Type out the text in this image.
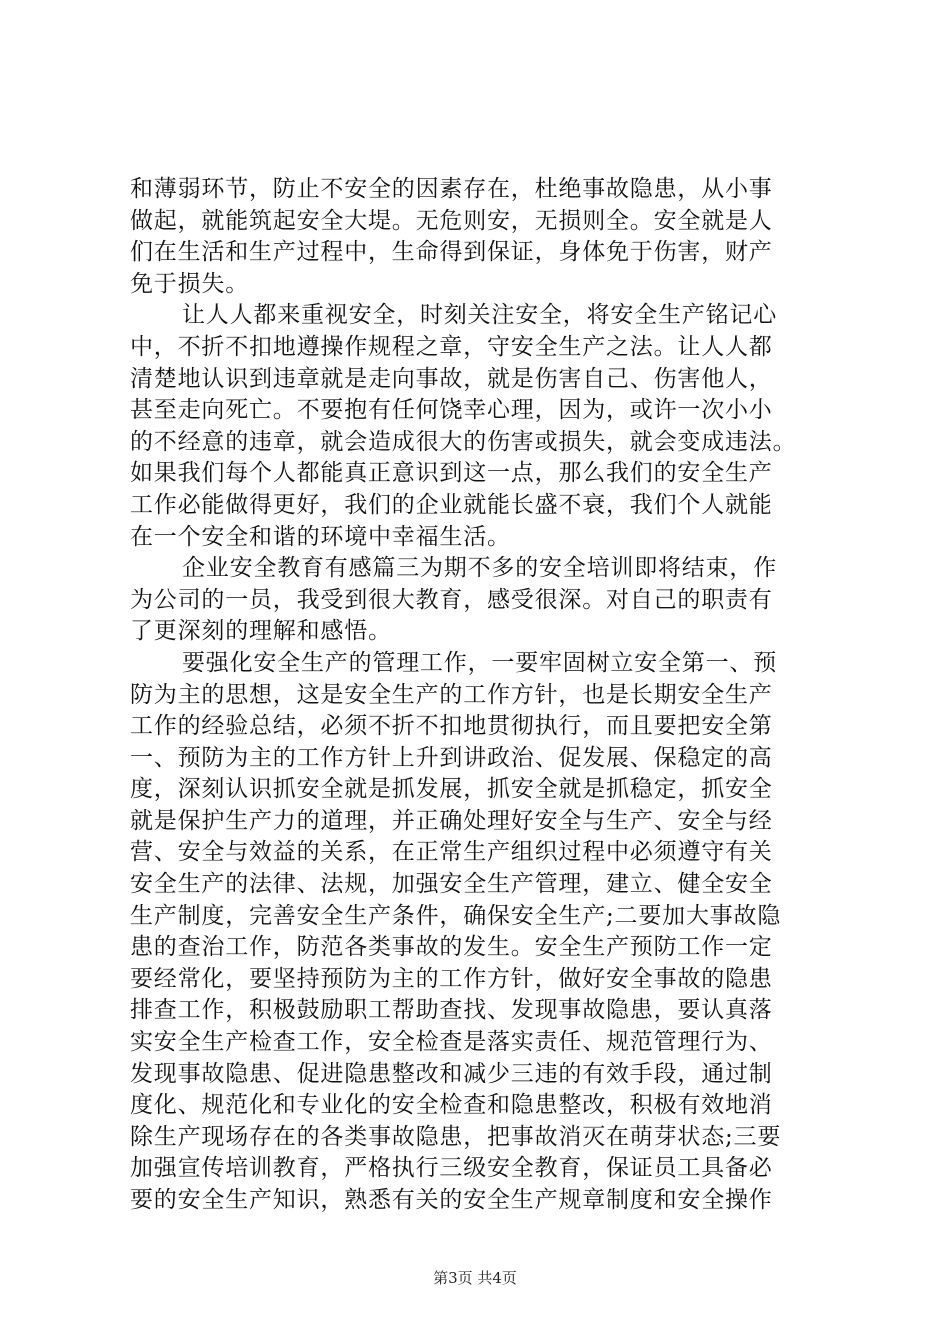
和薄弱环节，防止不安全的因素存在，杜绝事故隐患，从小事
做起，就能筑起安全大堤。无危则安，无损则全。安全就是人
们在生活和生产过程中，生命得到保证，身体免于伤害，财产
免于损失。
让人人都来重视安全，时刻关注安全，将安全生产铭记心
中，不折不扣地遵操作规程之章，守安全生产之法。让人人都
清楚地认识到违章就是走向事故，就是伤害自己、伤害他人，
甚至走向死亡。不要抱有任何饶幸心理，因为，或许一次小小
的不经意的违章，就会造成很大的伤害或损失，就会变成违法。
如果我们每个人都能真正意识到这一点，那么我们的安全生产
工作必能做得更好，我们的企业就能长盛不衰，我们个人就能
在一个安全和谐的环境中幸福生活。
企业安全教育有感篇三为期不多的安全培训即将结束，作
为公司的一员，我受到很大教育，感受很深。对自己的职责有
了更深刻的理解和感悟。
要强化安全生产的管理工作，一要牢固树立安全第一、预
防为主的思想，这是安全生产的工作方针，也是长期安全生产
工作的经验总结，必须不折不扣地贯彻执行，而且要把安全第
一、预防为主的工作方针上升到讲政治、促发展、保稳定的高
度，深刻认识抓安全就是抓发展，抓安全就是抓稳定，抓安全
就是保护生产力的道理，并正确处理好安全与生产、安全与经
营、安全与效益的关系，在正常生产组织过程中必须遵守有关
安全生产的法律、法规，加强安全生产管理，建立、健全安全
生产制度，完善安全生产条件，确保安全生产;二要加大事故隐
患的查治工作，防范各类事故的发生。安全生产预防工作一定
要经常化，要坚持预防为主的工作方针，做好安全事故的隐患
排查工作，积极鼓励职工帮助查找、发现事故隐患，要认真落
实安全生产检查工作，安全检查是落实责任、规范管理行为、
发现事故隐患、促进隐患整改和减少三违的有效手段，通过制
度化、规范化和专业化的安全检查和隐患整改，积极有效地消
除生产现场存在的各类事故隐患，把事故消灭在萌芽状态;三要
加强宣传培训教育，严格执行三级安全教育，保证员工具备必
要的安全生产知识，熟悉有关的安全生产规章制度和安全操作
第3页 共4页
